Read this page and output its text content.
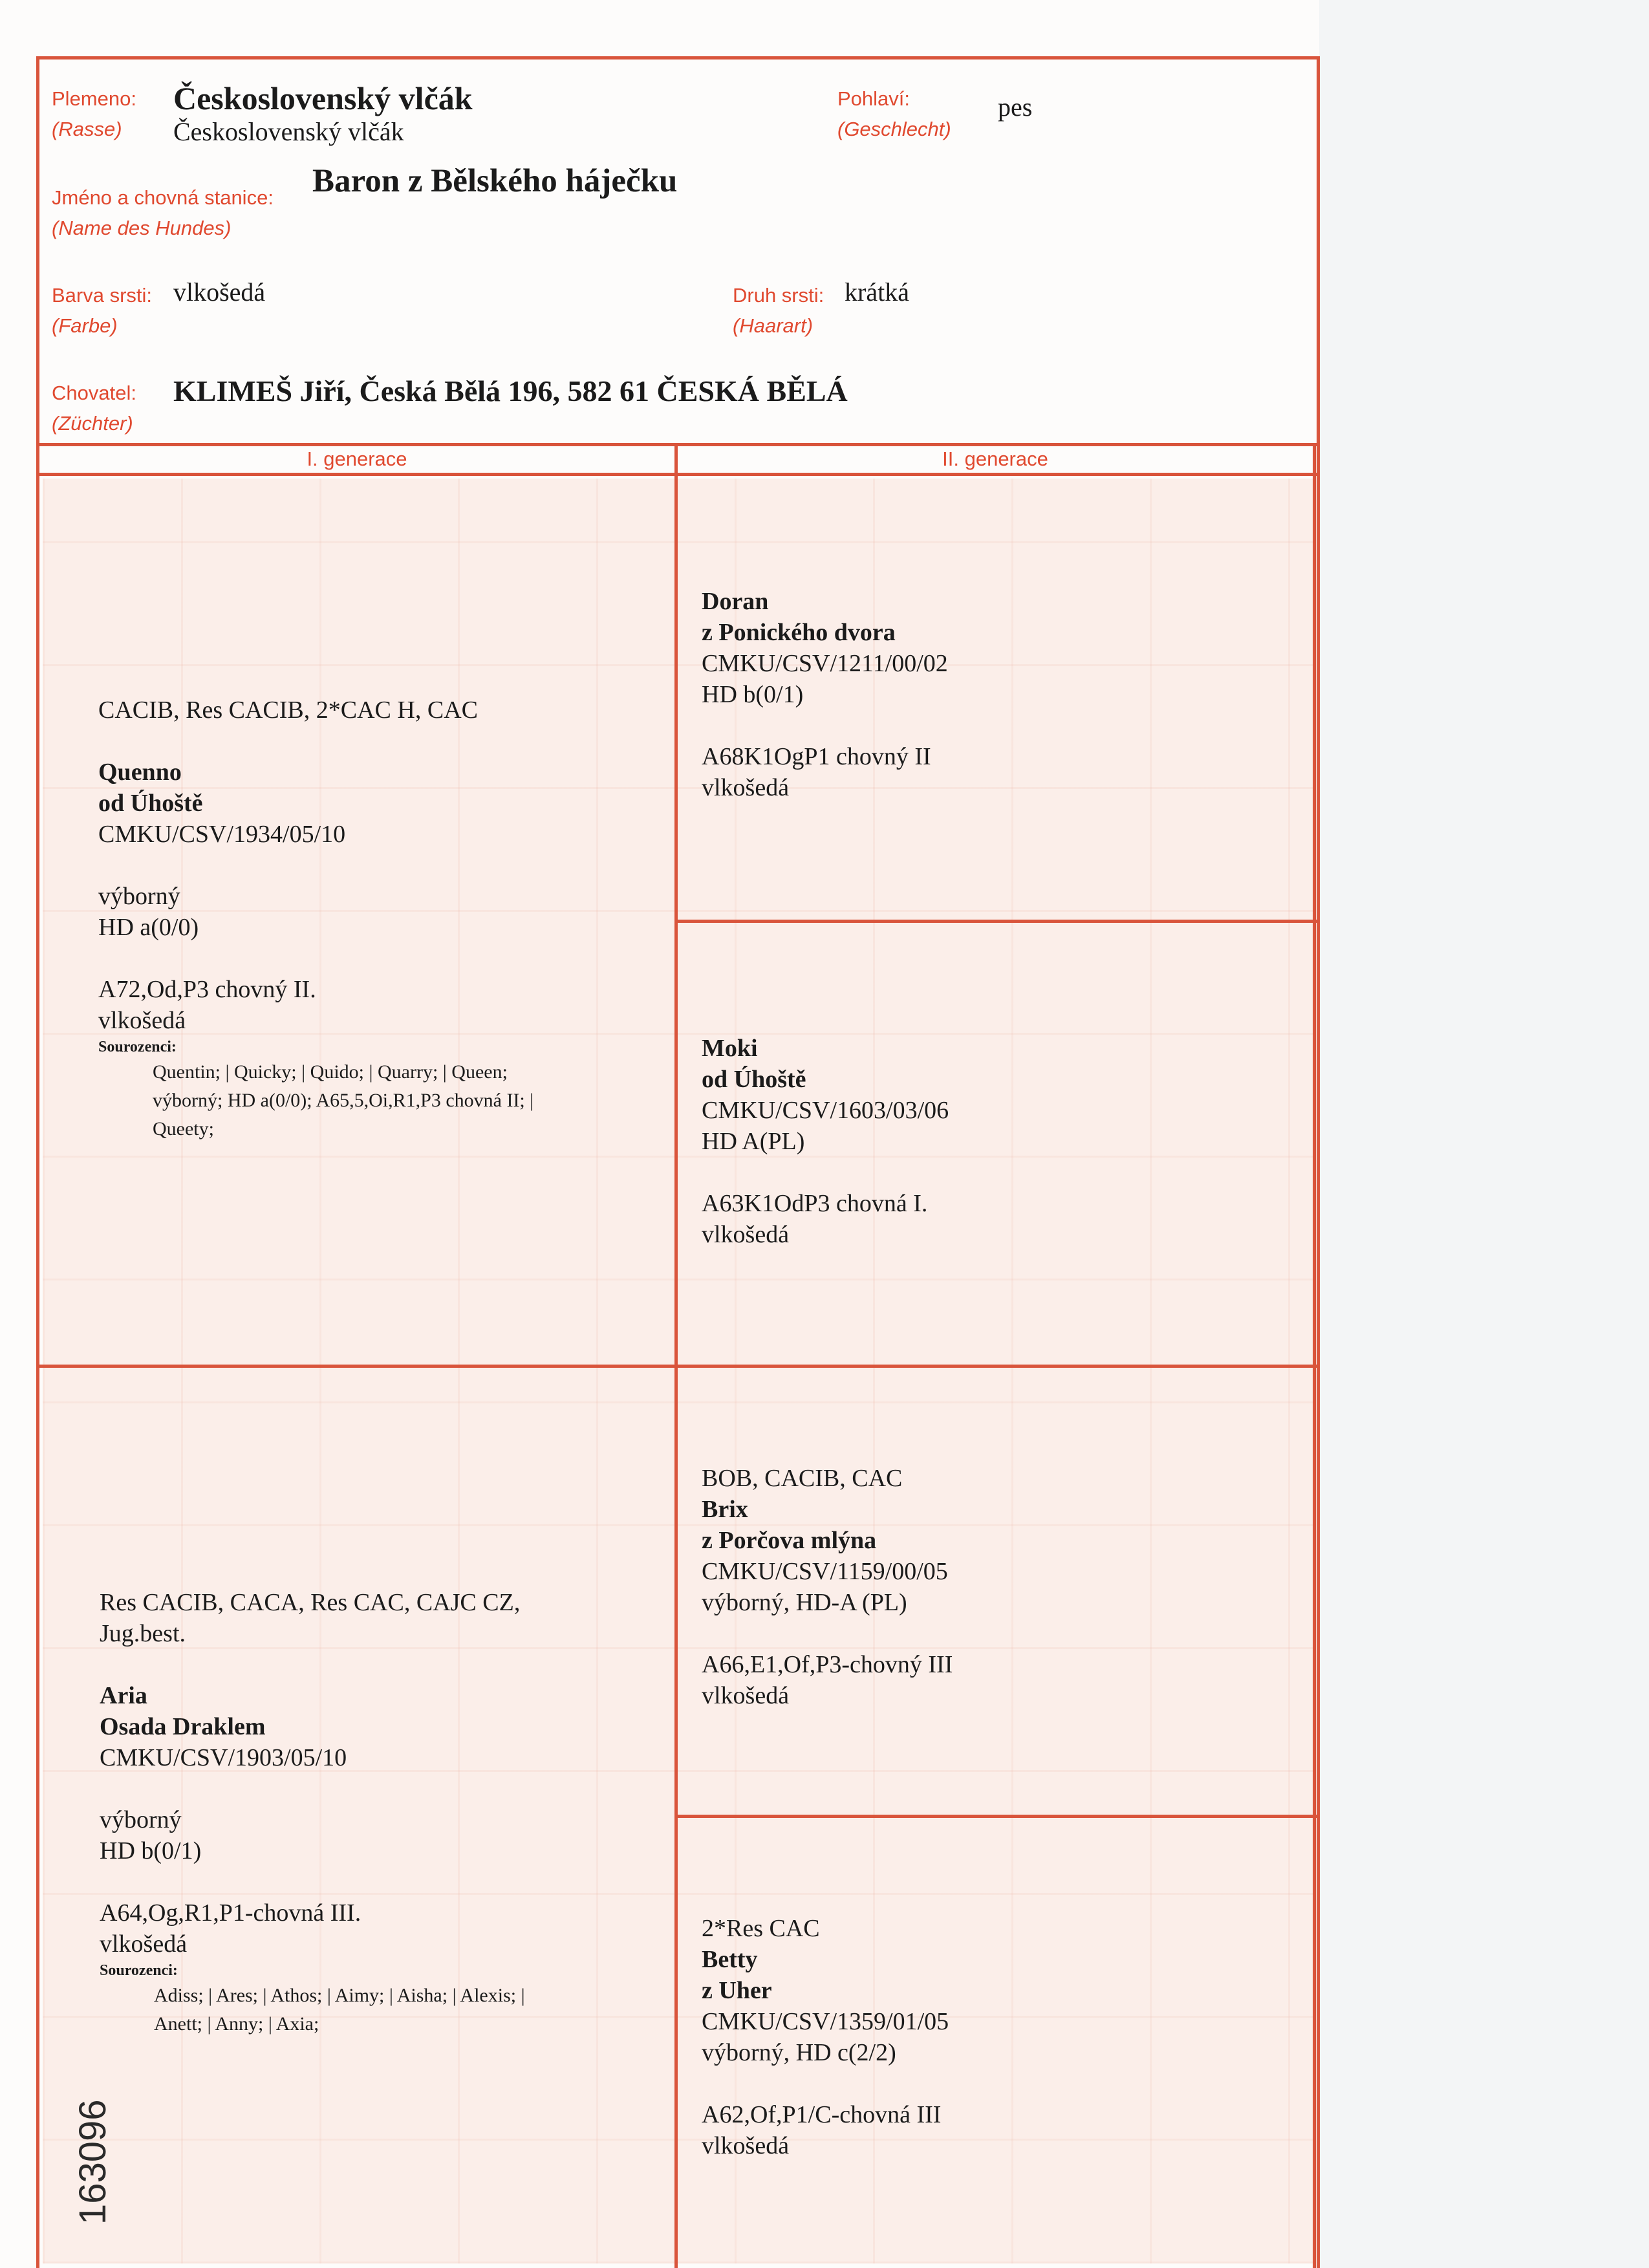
Plemeno:
(Rasse)
Československý vlčák
Československý vlčák
Pohlaví:
(Geschlecht)
pes
Jméno a chovná stanice:
(Name des Hundes)
Baron z Bělského háječku
Barva srsti:
(Farbe)
vlkošedá	Druh srsti:
(Haarart)
krátká
Chovatel:
(Züchter)
KLIMEŠ Jiří, Česká Bělá 196, 582 61 ČESKÁ BĚLÁ
I. generace	II. generace
CACIB, Res CACIB, 2*CAC H, CAC
Quenno
od Úhoště
CMKU/CSV/1934/05/10
výborný
HD a(0/0)
A72,Od,P3 chovný II.
vlkošedá
Sourozenci:
Quentin; | Quicky; | Quido; | Quarry; | Queen;
výborný; HD a(0/0); A65,5,Oi,R1,P3 chovná II; |
Queety;
Res CACIB, CACA, Res CAC, CAJC CZ,
Jug.best.
Aria
Osada Draklem
CMKU/CSV/1903/05/10
výborný
HD b(0/1)
A64,Og,R1,P1-chovná III.
vlkošedá
Sourozenci:
Adiss; | Ares; | Athos; | Aimy; | Aisha; | Alexis; |
Anett; | Anny; | Axia;
Doran
z Ponického dvora
CMKU/CSV/1211/00/02
HD b(0/1)
A68K1OgP1 chovný II
vlkošedá
Moki
od Úhoště
CMKU/CSV/1603/03/06
HD A(PL)
A63K1OdP3 chovná I.
vlkošedá
BOB, CACIB, CAC
Brix
z Porčova mlýna
CMKU/CSV/1159/00/05
výborný, HD-A (PL)
A66,E1,Of,P3-chovný III
vlkošedá
2*Res CAC
Betty
z Uher
CMKU/CSV/1359/01/05
výborný, HD c(2/2)
A62,Of,P1/C-chovná III
vlkošedá
163096
